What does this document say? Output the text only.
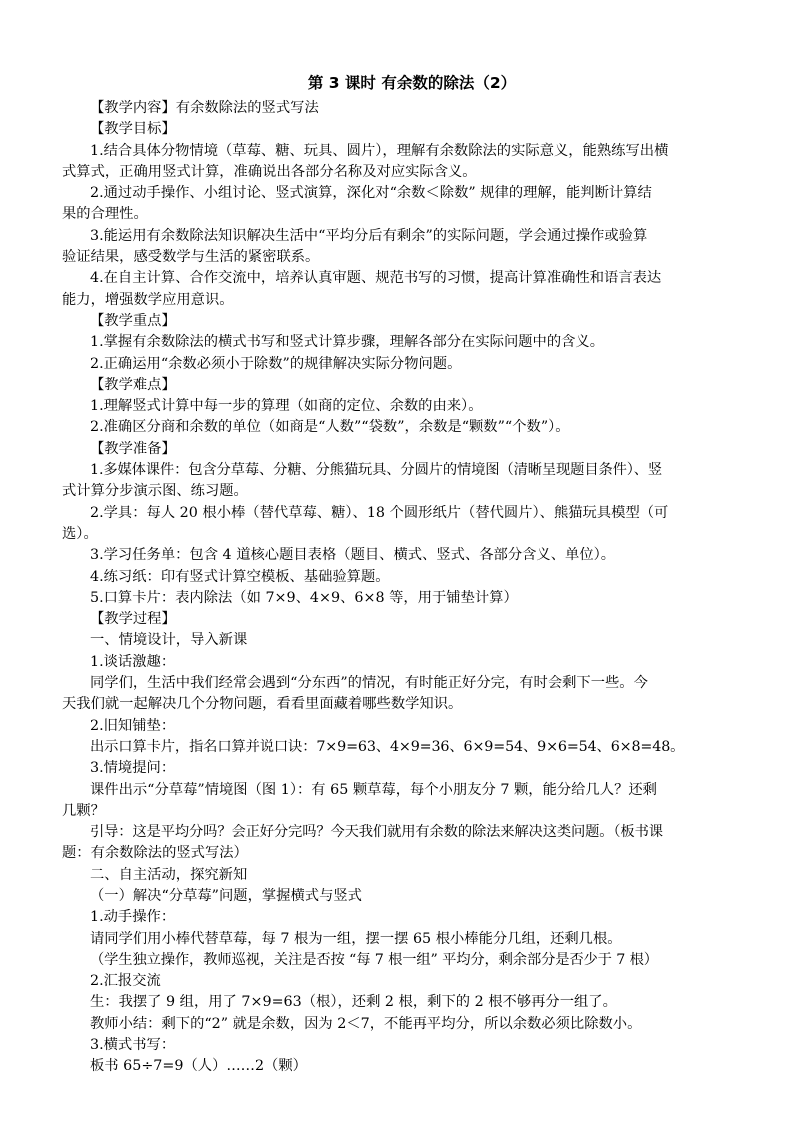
第 3 课时 有余数的除法（2）
【教学内容】有余数除法的竖式写法
【教学目标】
1.结合具体分物情境（草莓、糖、玩具、圆片），理解有余数除法的实际意义，能熟练写出横
式算式，正确用竖式计算，准确说出各部分名称及对应实际含义。
2.通过动手操作、小组讨论、竖式演算，深化对“余数＜除数” 规律的理解，能判断计算结
果的合理性。
3.能运用有余数除法知识解决生活中“平均分后有剩余”的实际问题，学会通过操作或验算
验证结果，感受数学与生活的紧密联系。
4.在自主计算、合作交流中，培养认真审题、规范书写的习惯，提高计算准确性和语言表达
能力，增强数学应用意识。
【教学重点】
1.掌握有余数除法的横式书写和竖式计算步骤，理解各部分在实际问题中的含义。
2.正确运用“余数必须小于除数”的规律解决实际分物问题。
【教学难点】
1.理解竖式计算中每一步的算理（如商的定位、余数的由来）。
2.准确区分商和余数的单位（如商是“人数”“袋数”，余数是“颗数”“个数”）。
【教学准备】
1.多媒体课件：包含分草莓、分糖、分熊猫玩具、分圆片的情境图（清晰呈现题目条件）、竖
式计算分步演示图、练习题。
2.学具：每人 20 根小棒（替代草莓、糖）、18 个圆形纸片（替代圆片）、熊猫玩具模型（可
选）。
3.学习任务单：包含 4 道核心题目表格（题目、横式、竖式、各部分含义、单位）。
4.练习纸：印有竖式计算空模板、基础验算题。
5.口算卡片：表内除法（如 7×9、4×9、6×8 等，用于铺垫计算）
【教学过程】
一、情境设计，导入新课
1.谈话激趣：
同学们，生活中我们经常会遇到“分东西”的情况，有时能正好分完，有时会剩下一些。今
天我们就一起解决几个分物问题，看看里面藏着哪些数学知识。
2.旧知铺垫：
出示口算卡片，指名口算并说口诀：7×9=63、4×9=36、6×9=54、9×6=54、6×8=48。
3.情境提问：
课件出示“分草莓”情境图（图 1）：有 65 颗草莓，每个小朋友分 7 颗，能分给几人？还剩
几颗？
引导：这是平均分吗？会正好分完吗？今天我们就用有余数的除法来解决这类问题。（板书课
题：有余数除法的竖式写法）
二、自主活动，探究新知
（一）解决“分草莓”问题，掌握横式与竖式
1.动手操作：
请同学们用小棒代替草莓，每 7 根为一组，摆一摆 65 根小棒能分几组，还剩几根。
（学生独立操作，教师巡视，关注是否按 “每 7 根一组” 平均分，剩余部分是否少于 7 根）
2.汇报交流
生：我摆了 9 组，用了 7×9=63（根），还剩 2 根，剩下的 2 根不够再分一组了。
教师小结：剩下的“2” 就是余数，因为 2＜7，不能再平均分，所以余数必须比除数小。
3.横式书写：
板书 65÷7=9（人）……2（颗）
